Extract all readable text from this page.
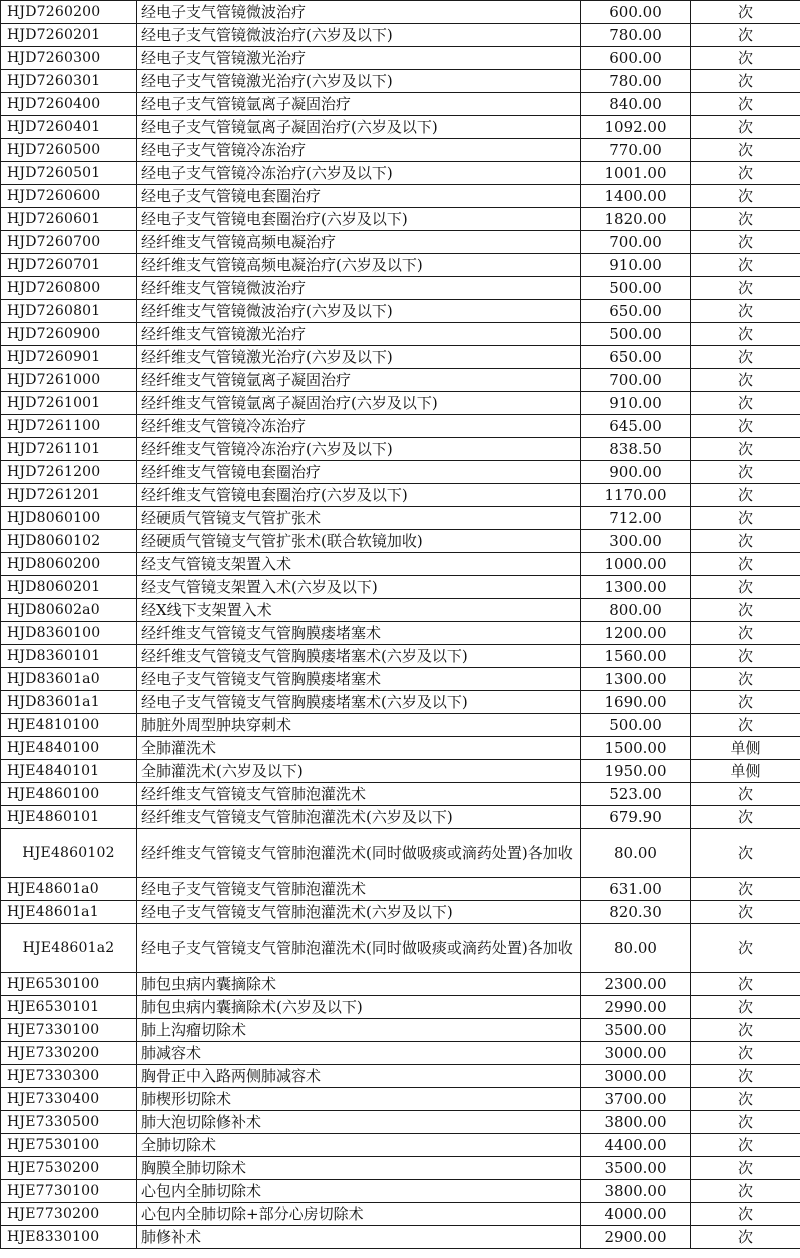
HJD7260200	经电子支气管镜微波治疗	600.00	次
HJD7260201	经电子支气管镜微波治疗(六岁及以下)	780.00	次
HJD7260300	经电子支气管镜激光治疗	600.00	次
HJD7260301	经电子支气管镜激光治疗(六岁及以下)	780.00	次
HJD7260400	经电子支气管镜氩离子凝固治疗	840.00	次
HJD7260401	经电子支气管镜氩离子凝固治疗(六岁及以下)	1092.00	次
HJD7260500	经电子支气管镜冷冻治疗	770.00	次
HJD7260501	经电子支气管镜冷冻治疗(六岁及以下)	1001.00	次
HJD7260600	经电子支气管镜电套圈治疗	1400.00	次
HJD7260601	经电子支气管镜电套圈治疗(六岁及以下)	1820.00	次
HJD7260700	经纤维支气管镜高频电凝治疗	700.00	次
HJD7260701	经纤维支气管镜高频电凝治疗(六岁及以下)	910.00	次
HJD7260800	经纤维支气管镜微波治疗	500.00	次
HJD7260801	经纤维支气管镜微波治疗(六岁及以下)	650.00	次
HJD7260900	经纤维支气管镜激光治疗	500.00	次
HJD7260901	经纤维支气管镜激光治疗(六岁及以下)	650.00	次
HJD7261000	经纤维支气管镜氩离子凝固治疗	700.00	次
HJD7261001	经纤维支气管镜氩离子凝固治疗(六岁及以下)	910.00	次
HJD7261100	经纤维支气管镜冷冻治疗	645.00	次
HJD7261101	经纤维支气管镜冷冻治疗(六岁及以下)	838.50	次
HJD7261200	经纤维支气管镜电套圈治疗	900.00	次
HJD7261201	经纤维支气管镜电套圈治疗(六岁及以下)	1170.00	次
HJD8060100	经硬质气管镜支气管扩张术	712.00	次
HJD8060102	经硬质气管镜支气管扩张术(联合软镜加收)	300.00	次
HJD8060200	经支气管镜支架置入术	1000.00	次
HJD8060201	经支气管镜支架置入术(六岁及以下)	1300.00	次
HJD80602a0	经X线下支架置入术	800.00	次
HJD8360100	经纤维支气管镜支气管胸膜瘘堵塞术	1200.00	次
HJD8360101	经纤维支气管镜支气管胸膜瘘堵塞术(六岁及以下)	1560.00	次
HJD83601a0	经电子支气管镜支气管胸膜瘘堵塞术	1300.00	次
HJD83601a1	经电子支气管镜支气管胸膜瘘堵塞术(六岁及以下)	1690.00	次
HJE4810100	肺脏外周型肿块穿刺术	500.00	次
HJE4840100	全肺灌洗术	1500.00	单侧
HJE4840101	全肺灌洗术(六岁及以下)	1950.00	单侧
HJE4860100	经纤维支气管镜支气管肺泡灌洗术	523.00	次
HJE4860101	经纤维支气管镜支气管肺泡灌洗术(六岁及以下)	679.90	次
HJE4860102	经纤维支气管镜支气管肺泡灌洗术(同时做吸痰或滴药处置)各加收	80.00	次
HJE48601a0	经电子支气管镜支气管肺泡灌洗术	631.00	次
HJE48601a1	经电子支气管镜支气管肺泡灌洗术(六岁及以下)	820.30	次
HJE48601a2	经电子支气管镜支气管肺泡灌洗术(同时做吸痰或滴药处置)各加收	80.00	次
HJE6530100	肺包虫病内囊摘除术	2300.00	次
HJE6530101	肺包虫病内囊摘除术(六岁及以下)	2990.00	次
HJE7330100	肺上沟瘤切除术	3500.00	次
HJE7330200	肺减容术	3000.00	次
HJE7330300	胸骨正中入路两侧肺减容术	3000.00	次
HJE7330400	肺楔形切除术	3700.00	次
HJE7330500	肺大泡切除修补术	3800.00	次
HJE7530100	全肺切除术	4400.00	次
HJE7530200	胸膜全肺切除术	3500.00	次
HJE7730100	心包内全肺切除术	3800.00	次
HJE7730200	心包内全肺切除+部分心房切除术	4000.00	次
HJE8330100	肺修补术	2900.00	次
